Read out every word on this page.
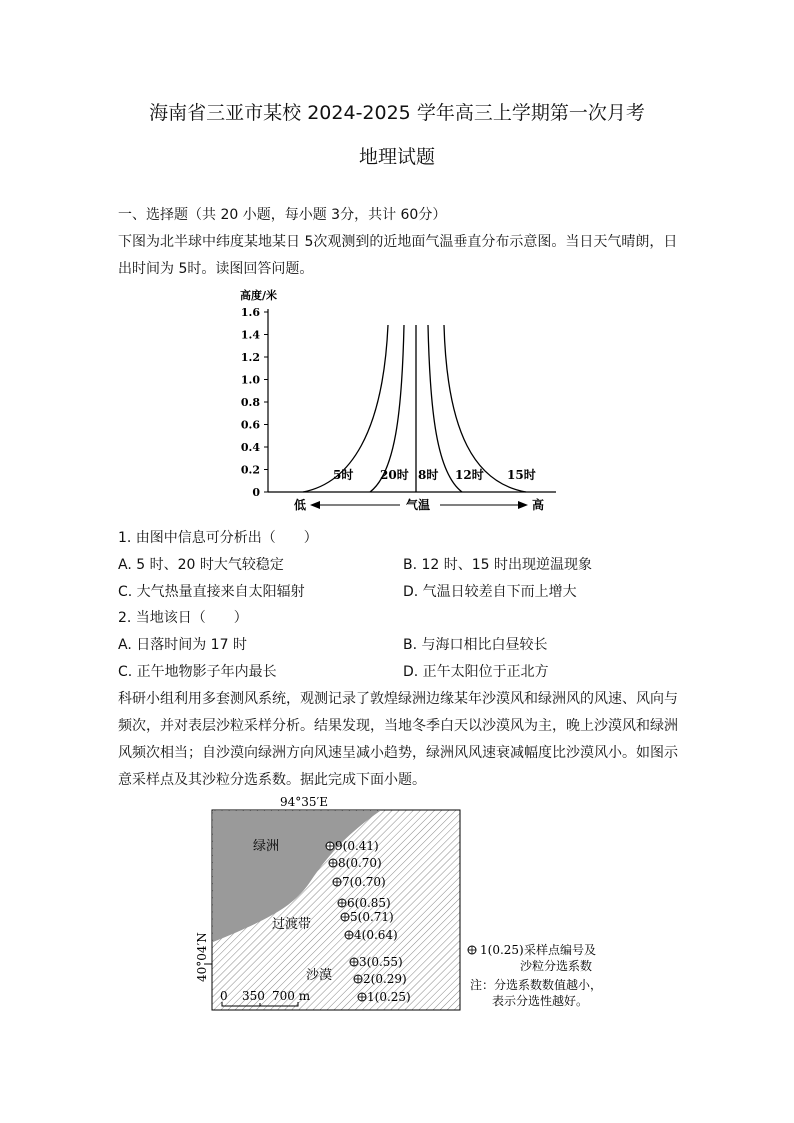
海南省三亚市某校 2024-2025 学年高三上学期第一次月考
地理试题
一、选择题（共 20 小题，每小题 3分，共计 60分）
下图为北半球中纬度某地某日 5次观测到的近地面气温垂直分布示意图。当日天气晴朗，日
出时间为 5时。读图回答问题。
高度/米
0
0.2
0.4
0.6
0.8
1.0
1.2
1.4
1.6
5时 20时 8时 12时 15时
低	气温	高
1. 由图中信息可分析出（　　）
A. 5 时、20 时大气较稳定	B. 12 时、15 时出现逆温现象
C. 大气热量直接来自太阳辐射	D. 气温日较差自下而上增大
2. 当地该日（　　）
A. 日落时间为 17 时	B. 与海口相比白昼较长
C. 正午地物影子年内最长	D. 正午太阳位于正北方
科研小组利用多套测风系统，观测记录了敦煌绿洲边缘某年沙漠风和绿洲风的风速、风向与
频次，并对表层沙粒采样分析。结果发现，当地冬季白天以沙漠风为主，晚上沙漠风和绿洲
风频次相当；自沙漠向绿洲方向风速呈减小趋势，绿洲风风速衰减幅度比沙漠风小。如图示
意采样点及其沙粒分选系数。据此完成下面小题。
94°35′E
绿洲
过渡带
沙漠
40°04′N
9(0.41)
8(0.70)
7(0.70)
6(0.85)
5(0.71)
4(0.64)
3(0.55)
2(0.29)
1(0.25)
0 350 700 m
1(0.25) 采样点编号及
沙粒分选系数
注：分选系数数值越小，
表示分选性越好。
